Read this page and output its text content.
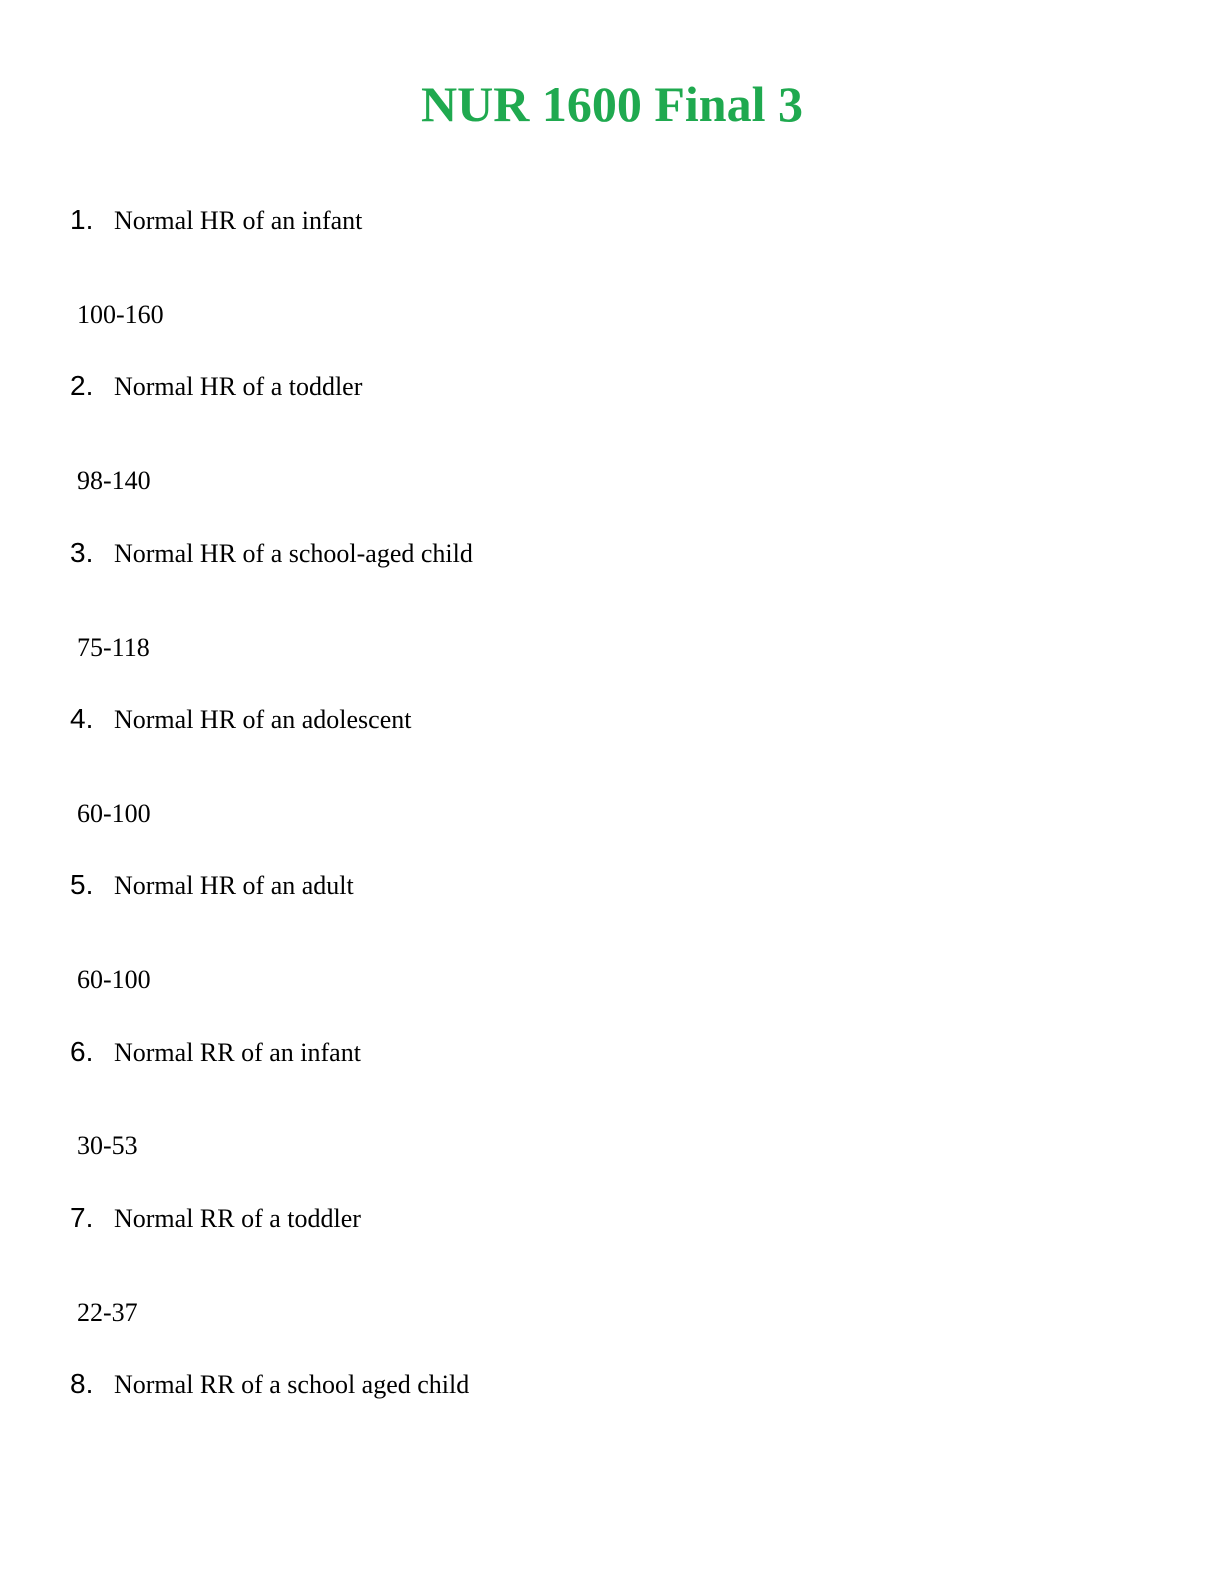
NUR 1600 Final 3
1. Normal HR of an infant
100-160
2. Normal HR of a toddler
98-140
3. Normal HR of a school-aged child
75-118
4. Normal HR of an adolescent
60-100
5. Normal HR of an adult
60-100
6. Normal RR of an infant
30-53
7. Normal RR of a toddler
22-37
8. Normal RR of a school aged child
